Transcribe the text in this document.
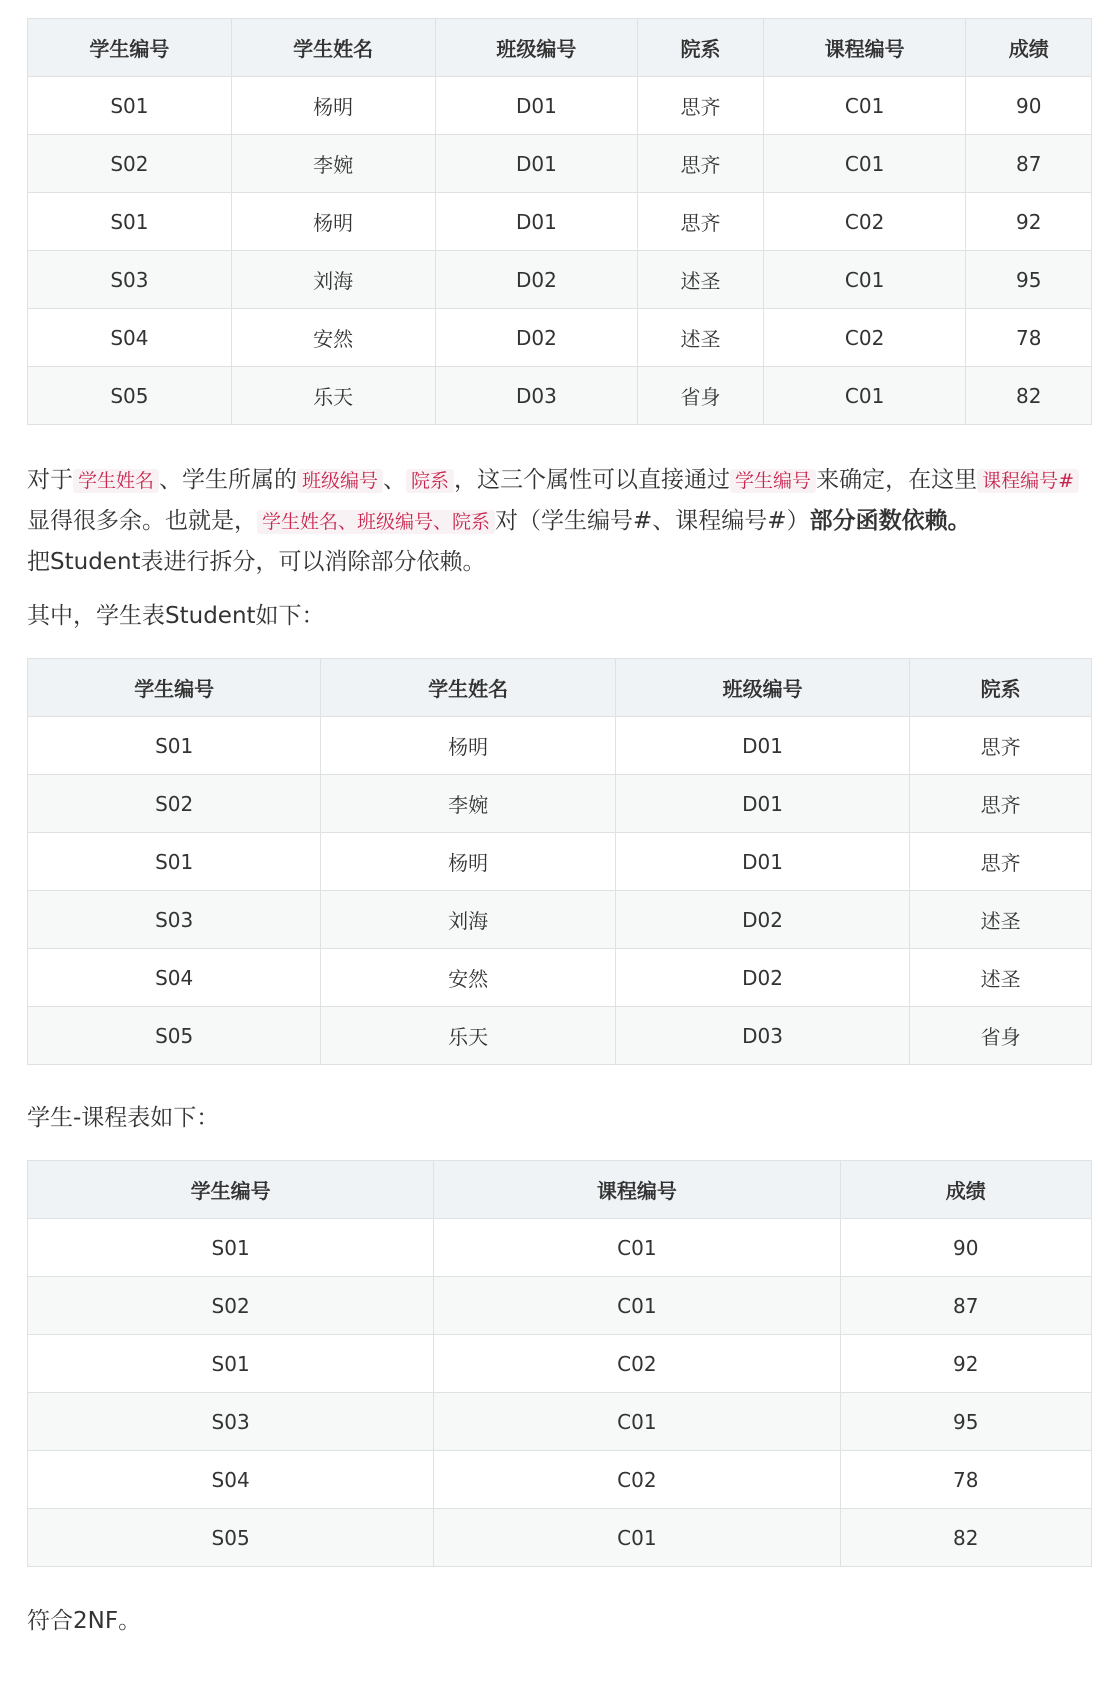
学生编号	学生姓名	班级编号	院系	课程编号	成绩
S01	杨明	D01	思齐	C01	90
S02	李婉	D01	思齐	C01	87
S01	杨明	D01	思齐	C02	92
S03	刘海	D02	述圣	C01	95
S04	安然	D02	述圣	C02	78
S05	乐天	D03	省身	C01	82

对于 学生姓名 、学生所属的 班级编号 、 院系 ，这三个属性可以直接通过 学生编号 来确定，在这里 课程编号#显得很多余。也就是， 学生姓名、班级编号、院系 对（学生编号#、课程编号#）部分函数依赖。
把Student表进行拆分，可以消除部分依赖。

其中，学生表Student如下：

学生编号	学生姓名	班级编号	院系
S01	杨明	D01	思齐
S02	李婉	D01	思齐
S01	杨明	D01	思齐
S03	刘海	D02	述圣
S04	安然	D02	述圣
S05	乐天	D03	省身

学生-课程表如下：

学生编号	课程编号	成绩
S01	C01	90
S02	C01	87
S01	C02	92
S03	C01	95
S04	C02	78
S05	C01	82

符合2NF。
